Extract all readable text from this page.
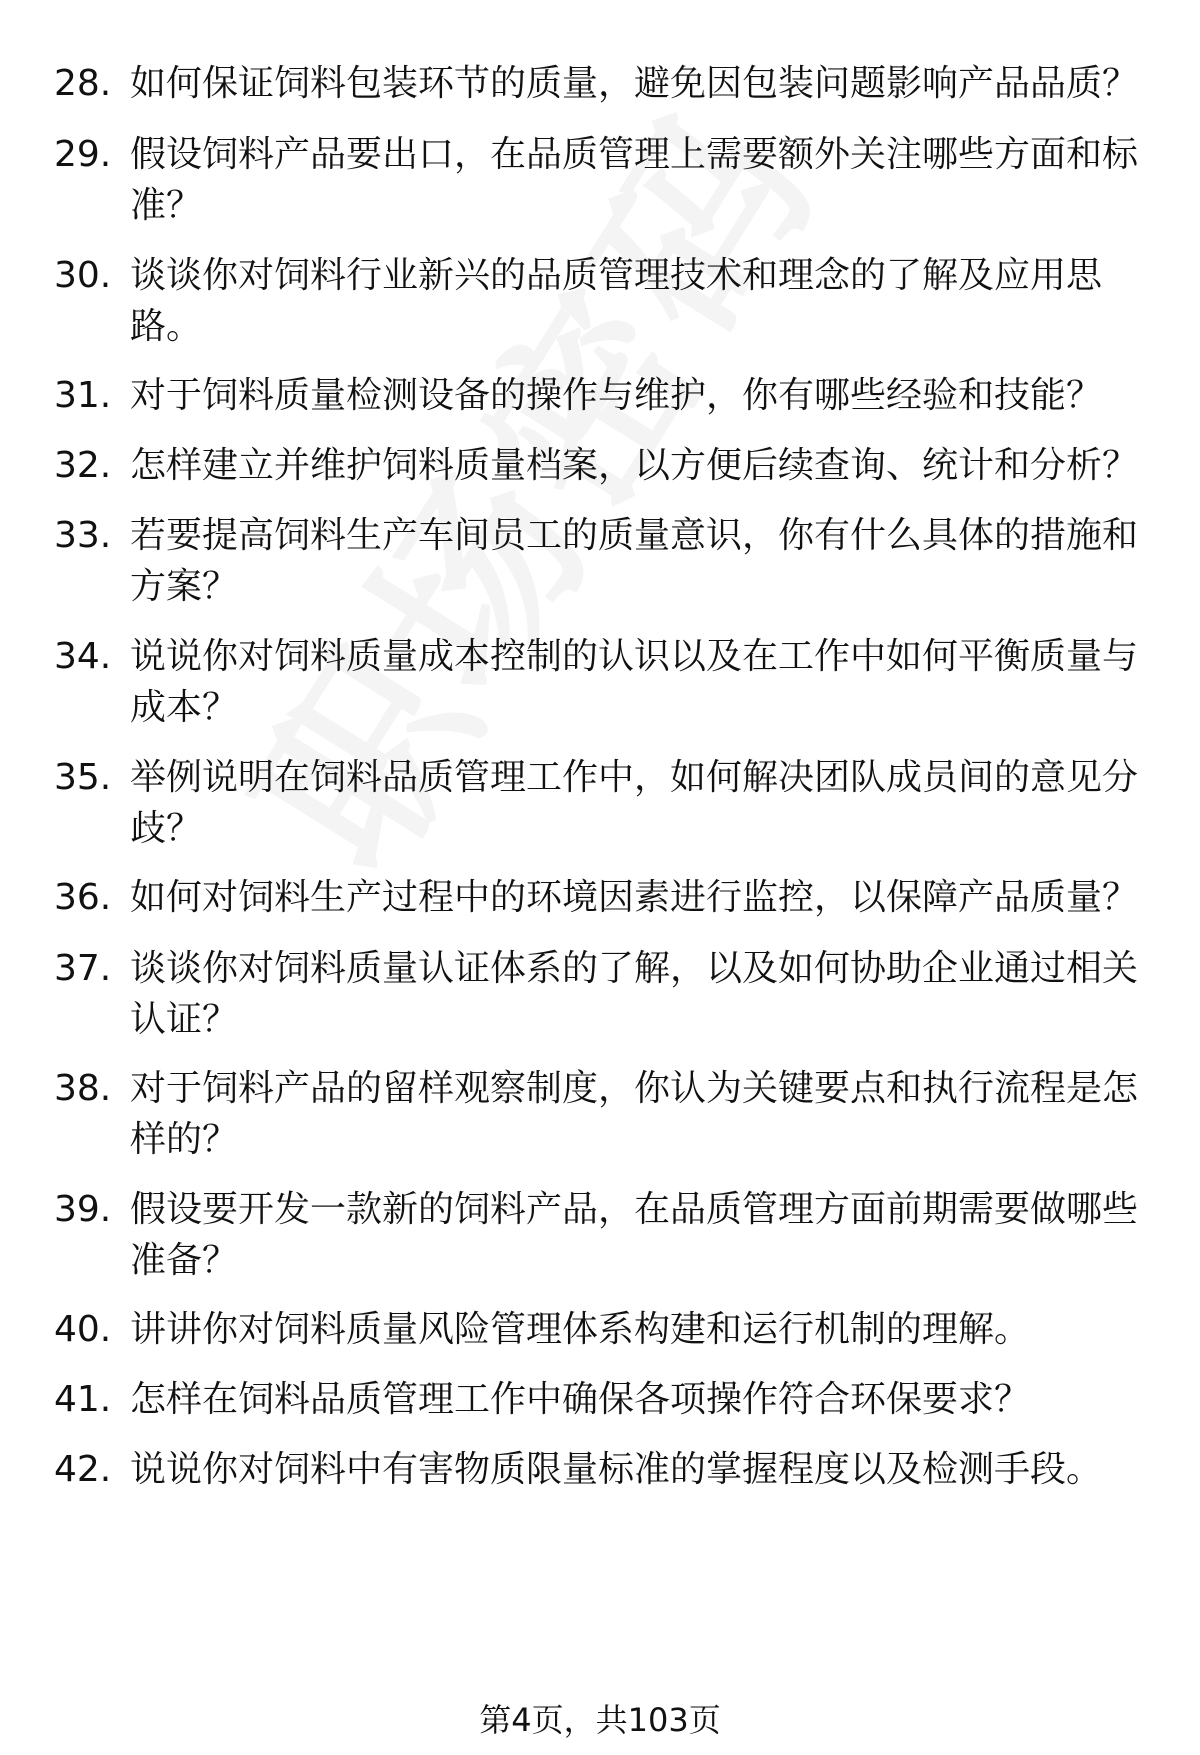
28. 如何保证饲料包装环节的质量，避免因包装问题影响产品品质？
29. 假设饲料产品要出口，在品质管理上需要额外关注哪些方面和标准？
30. 谈谈你对饲料行业新兴的品质管理技术和理念的了解及应用思路。
31. 对于饲料质量检测设备的操作与维护，你有哪些经验和技能？
32. 怎样建立并维护饲料质量档案，以方便后续查询、统计和分析？
33. 若要提高饲料生产车间员工的质量意识，你有什么具体的措施和方案？
34. 说说你对饲料质量成本控制的认识以及在工作中如何平衡质量与成本？
35. 举例说明在饲料品质管理工作中，如何解决团队成员间的意见分歧？
36. 如何对饲料生产过程中的环境因素进行监控，以保障产品质量？
37. 谈谈你对饲料质量认证体系的了解，以及如何协助企业通过相关认证？
38. 对于饲料产品的留样观察制度，你认为关键要点和执行流程是怎样的？
39. 假设要开发一款新的饲料产品，在品质管理方面前期需要做哪些准备？
40. 讲讲你对饲料质量风险管理体系构建和运行机制的理解。
41. 怎样在饲料品质管理工作中确保各项操作符合环保要求？
42. 说说你对饲料中有害物质限量标准的掌握程度以及检测手段。
第4页，共103页
